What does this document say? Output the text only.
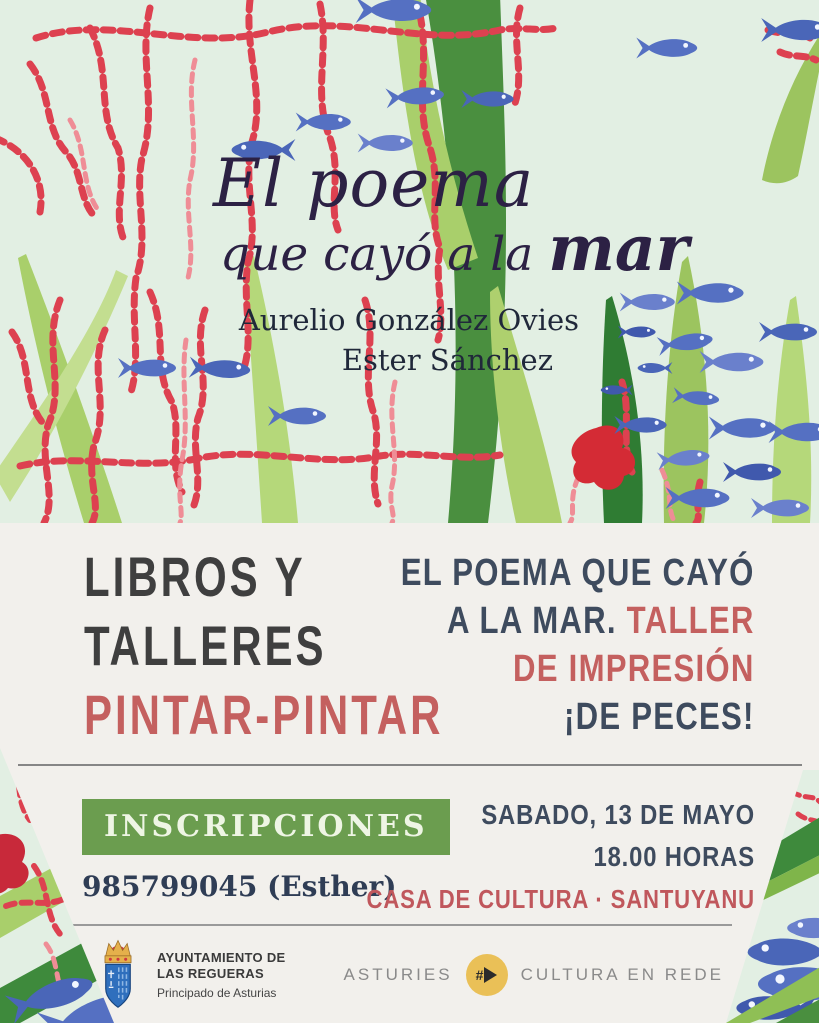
El poema
que cayó a la mar
Aurelio González Ovies
Ester Sánchez
LIBROS Y
TALLERES
PINTAR-PINTAR
EL POEMA QUE CAYÓ
A LA MAR. TALLER
DE IMPRESIÓN
¡DE PECES!
INSCRIPCIONES
985799045 (Esther)
SABADO, 13 DE MAYO
18.00 HORAS
CASA DE CULTURA · SANTUYANU
AYUNTAMIENTO DE
LAS REGUERAS
Principado de Asturias
ASTURIES # CULTURA EN REDE
